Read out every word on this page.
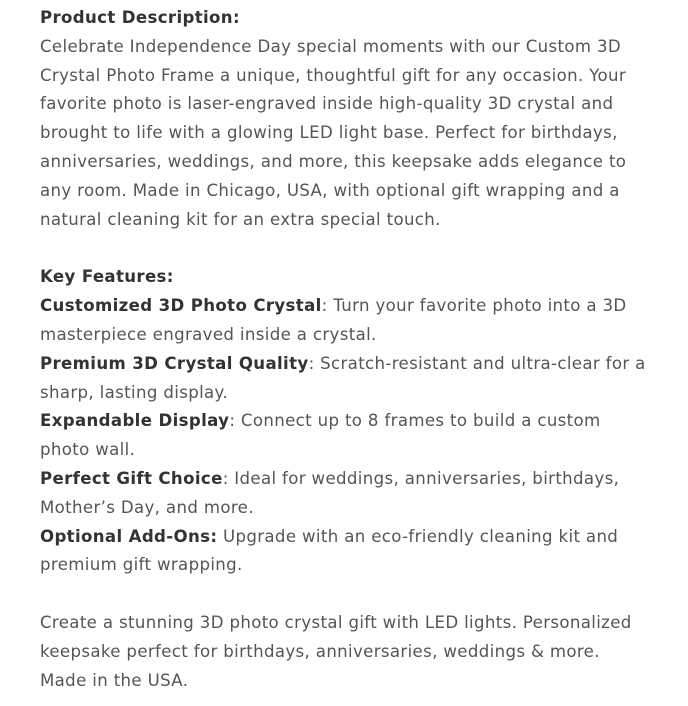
Product Description:
Celebrate Independence Day special moments with our Custom 3D Crystal Photo Frame a unique, thoughtful gift for any occasion. Your favorite photo is laser-engraved inside high-quality 3D crystal and brought to life with a glowing LED light base. Perfect for birthdays, anniversaries, weddings, and more, this keepsake adds elegance to any room. Made in Chicago, USA, with optional gift wrapping and a natural cleaning kit for an extra special touch.
Key Features:
Customized 3D Photo Crystal: Turn your favorite photo into a 3D masterpiece engraved inside a crystal.
Premium 3D Crystal Quality: Scratch-resistant and ultra-clear for a sharp, lasting display.
Expandable Display: Connect up to 8 frames to build a custom photo wall.
Perfect Gift Choice: Ideal for weddings, anniversaries, birthdays, Mother’s Day, and more.
Optional Add-Ons: Upgrade with an eco-friendly cleaning kit and premium gift wrapping.
Create a stunning 3D photo crystal gift with LED lights. Personalized keepsake perfect for birthdays, anniversaries, weddings & more. Made in the USA.
